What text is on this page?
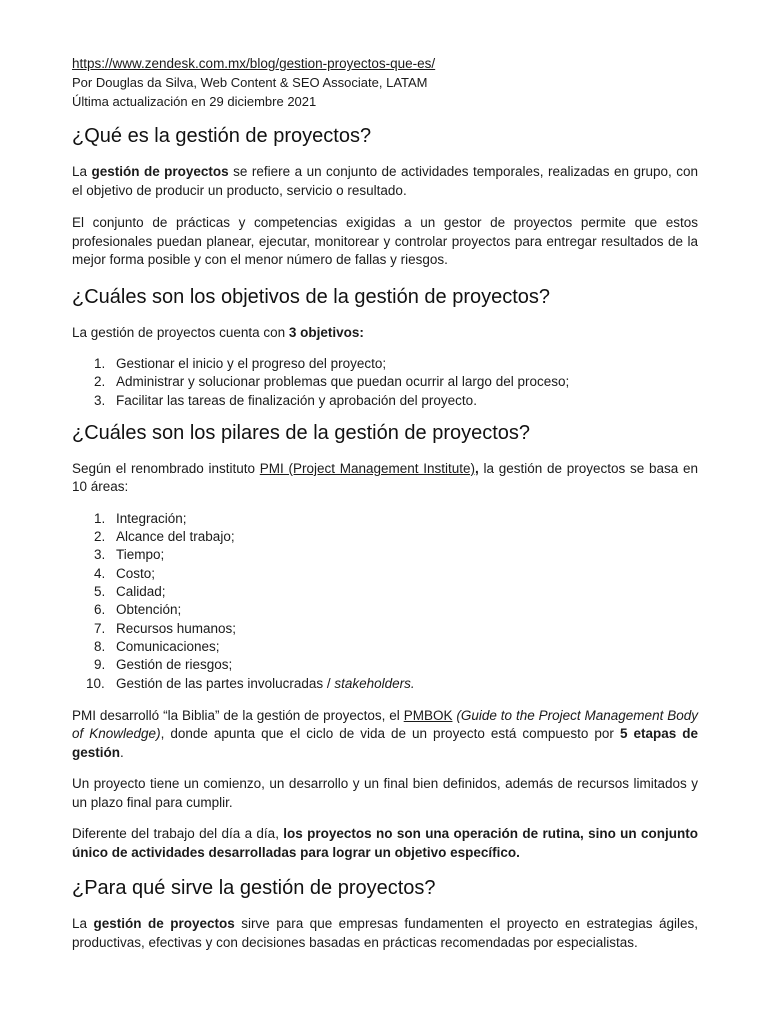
https://www.zendesk.com.mx/blog/gestion-proyectos-que-es/

Por Douglas da Silva, Web Content & SEO Associate, LATAM

Última actualización en 29 diciembre 2021

¿Qué es la gestión de proyectos?

La gestión de proyectos se refiere a un conjunto de actividades temporales, realizadas en grupo, con el objetivo de producir un producto, servicio o resultado.

El conjunto de prácticas y competencias exigidas a un gestor de proyectos permite que estos profesionales puedan planear, ejecutar, monitorear y controlar proyectos para entregar resultados de la mejor forma posible y con el menor número de fallas y riesgos.

¿Cuáles son los objetivos de la gestión de proyectos?

La gestión de proyectos cuenta con 3 objetivos:

1. Gestionar el inicio y el progreso del proyecto;
2. Administrar y solucionar problemas que puedan ocurrir al largo del proceso;
3. Facilitar las tareas de finalización y aprobación del proyecto.
¿Cuáles son los pilares de la gestión de proyectos?

Según el renombrado instituto PMI (Project Management Institute), la gestión de proyectos se basa en 10 áreas:

1. Integración;
2. Alcance del trabajo;
3. Tiempo;
4. Costo;
5. Calidad;
6. Obtención;
7. Recursos humanos;
8. Comunicaciones;
9. Gestión de riesgos;
10. Gestión de las partes involucradas / stakeholders.

PMI desarrolló “la Biblia” de la gestión de proyectos, el PMBOK (Guide to the Project Management Body of Knowledge), donde apunta que el ciclo de vida de un proyecto está compuesto por 5 etapas de gestión.

Un proyecto tiene un comienzo, un desarrollo y un final bien definidos, además de recursos limitados y un plazo final para cumplir.

Diferente del trabajo del día a día, los proyectos no son una operación de rutina, sino un conjunto único de actividades desarrolladas para lograr un objetivo específico.

¿Para qué sirve la gestión de proyectos?

La gestión de proyectos sirve para que empresas fundamenten el proyecto en estrategias ágiles, productivas, efectivas y con decisiones basadas en prácticas recomendadas por especialistas.
